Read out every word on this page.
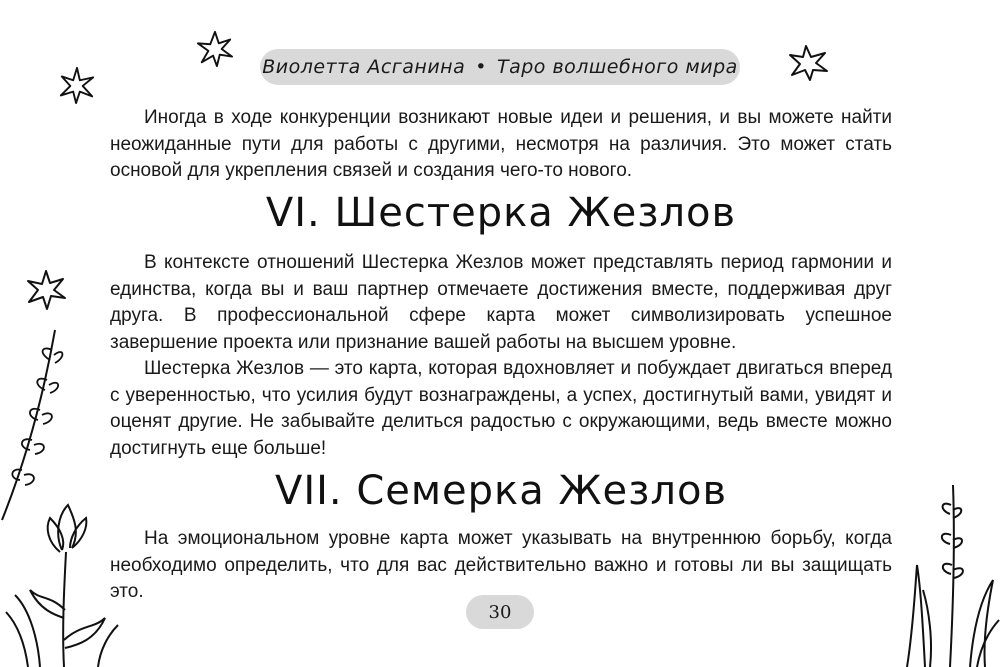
Виолетта Асганина • Таро волшебного мира
Иногда в ходе конкуренции возникают новые идеи и решения, и вы можете найти неожиданные пути для работы с другими, несмотря на различия. Это может стать основой для укрепления связей и создания чего-то нового.
VI. Шестерка Жезлов
В контексте отношений Шестерка Жезлов может представлять период гармонии и единства, когда вы и ваш партнер отмечаете достижения вместе, поддерживая друг друга. В профессиональной сфере карта может символизировать успешное завершение проекта или признание вашей работы на высшем уровне.
Шестерка Жезлов — это карта, которая вдохновляет и побуждает двигаться вперед с уверенностью, что усилия будут вознаграждены, а успех, достигнутый вами, увидят и оценят другие. Не забывайте делиться радостью с окружающими, ведь вместе можно достигнуть еще больше!
VII. Семерка Жезлов
На эмоциональном уровне карта может указывать на внутреннюю борьбу, когда необходимо определить, что для вас действительно важно и готовы ли вы защищать это.
30
